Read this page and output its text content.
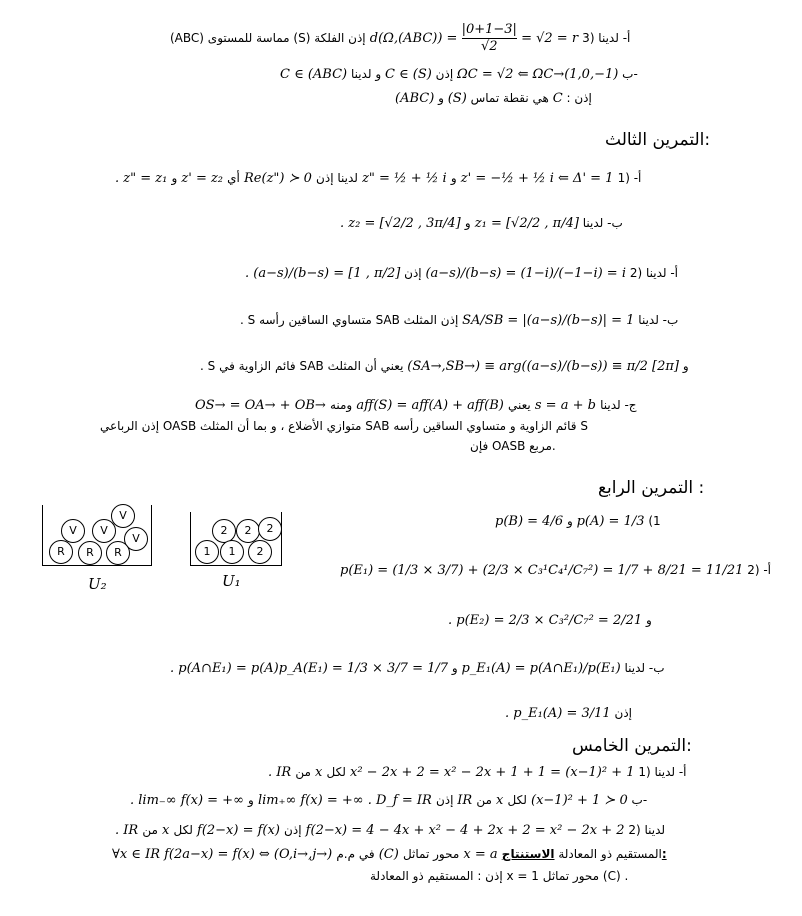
(ABC) مماسة للمستوى (S) إذن الفلكة $d(\Omega,(ABC)) = \frac{|0+1-3|}{√2} = √2 = r$ أ- لدينا (3
C ∈ (ABC) و لدينا C ∈ (S) إذن ΩC = √2 ⇐ ΩC→(1,0,−1) ب-
(ABC) و (S) هي نقطة تماس C : إذن
التمرين الثالث:
. z" = z₁ و z' = z₂ أي Re(z") ≻ 0 لدينا إذن z" = ½ + ½ i و z' = −½ + ½ i ⇐ Δ' = 1 أ- (1
. z₂ = [√2/2 , 3π/4] و z₁ = [√2/2 , π/4] ب- لدينا
. (a−s)/(b−s) = [1 , π/2] إذن (a−s)/(b−s) = (1−i)/(−1−i) = i أ- لدينا (2
. S متساوي الساقين رأسه SAB إذن المثلث SA/SB = |(a−s)/(b−s)| = 1 ب- لدينا
. S فائم الزاوية في SAB يعني أن المثلث (SA→,SB→) ≡ arg((a−s)/(b−s)) ≡ π/2 [2π] و
OS→ = OA→ + OB→ ومنه aff(S) = aff(A) + aff(B) يعني s = a + b ج- لدينا
إذن الرباعي OASB متوازي الأضلاع ، و بما أن المثلث SAB قائم الزاوية و متساوي الساقين رأسه S
فإن OASB مربع.
التمرين الرابع :
V
V	V
V
R	R	R
U₂
2	2	2
1	1	2
U₁
p(B) = 4/6 و p(A) = 1/3 (1
p(E₁) = (1/3 × 3/7) + (2/3 × C₃¹C₄¹/C₇²) = 1/7 + 8/21 = 11/21 أ- (2
. p(E₂) = 2/3 × C₃²/C₇² = 2/21 و
. p(A∩E₁) = p(A)p_A(E₁) = 1/3 × 3/7 = 1/7 و p_E₁(A) = p(A∩E₁)/p(E₁) ب- لدينا
. p_E₁(A) = 3/11 إذن
التمرين الخامس:
. IR من x لكل x² − 2x + 2 = x² − 2x + 1 + 1 = (x−1)² + 1 أ- لدينا (1
. lim₋∞ f(x) = +∞ و lim₊∞ f(x) = +∞ . D_f = IR إذن IR من x لكل (x−1)² + 1 ≻ 0 ب-
. IR من x لكل f(2−x) = f(x) إذن f(2−x) = 4 − 4x + x² − 4 + 2x + 2 = x² − 2x + 2 لدينا (2
∀x ∈ IR f(2a−x) = f(x) ⇔ (O,i→,j→) في م.م (C) محور تماثل x = a	المستقيم ذو المعادلة الاستنتاج:
إذن : المستقيم ذو المعادلة x = 1 محور تماثل (C) .
